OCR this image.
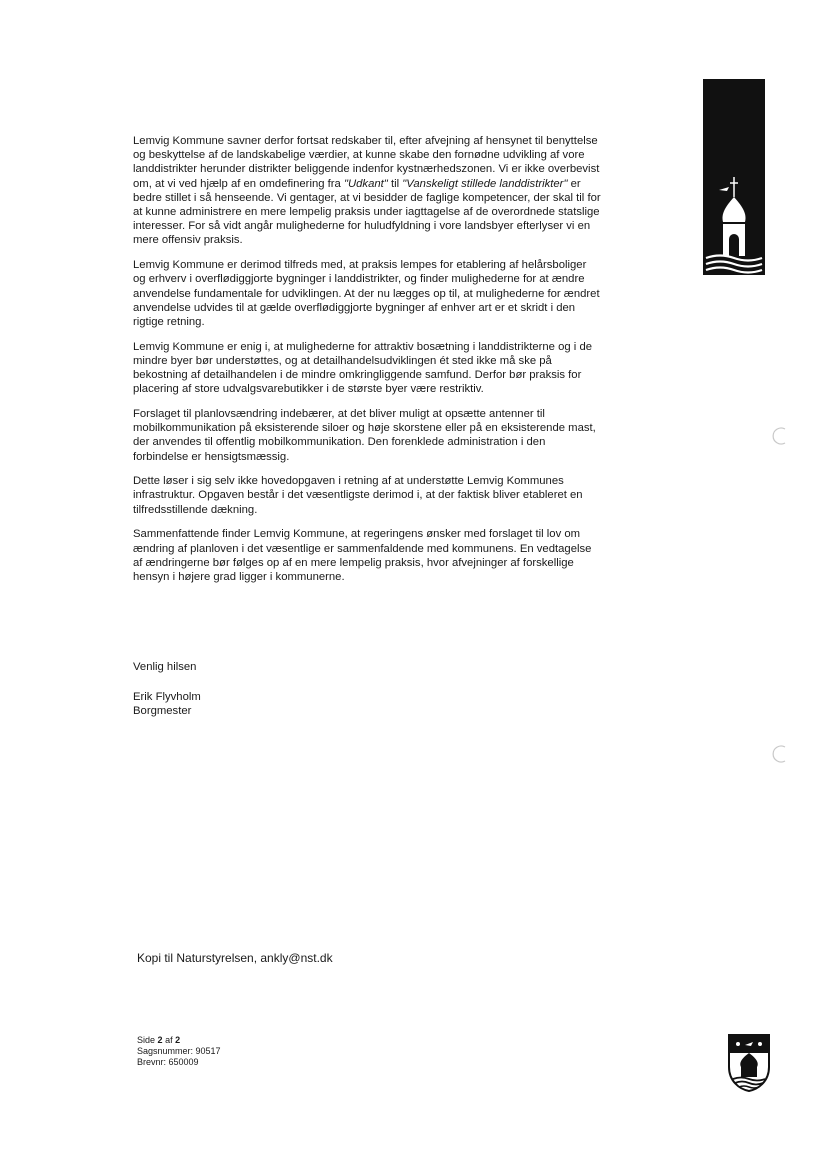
Lemvig Kommune savner derfor fortsat redskaber til, efter afvejning af hensynet til benyttelse og beskyttelse af de landskabelige værdier, at kunne skabe den fornødne udvikling af vore landdistrikter herunder distrikter beliggende indenfor kystnærhedszonen. Vi er ikke overbevist om, at vi ved hjælp af en omdefinering fra "Udkant" til "Vanskeligt stillede landdistrikter" er bedre stillet i så henseende. Vi gentager, at vi besidder de faglige kompetencer, der skal til for at kunne administrere en mere lempelig praksis under iagttagelse af de overordnede statslige interesser. For så vidt angår mulighederne for huludfyldning i vore landsbyer efterlyser vi en mere offensiv praksis.

Lemvig Kommune er derimod tilfreds med, at praksis lempes for etablering af helårsboliger og erhverv i overflødiggjorte bygninger i landdistrikter, og finder mulighederne for at ændre anvendelse fundamentale for udviklingen. At der nu lægges op til, at mulighederne for ændret anvendelse udvides til at gælde overflødiggjorte bygninger af enhver art er et skridt i den rigtige retning.

Lemvig Kommune er enig i, at mulighederne for attraktiv bosætning i landdistrikterne og i de mindre byer bør understøttes, og at detailhandelsudviklingen ét sted ikke må ske på bekostning af detailhandelen i de mindre omkringliggende samfund. Derfor bør praksis for placering af store udvalgsvarebutikker i de største byer være restriktiv.

Forslaget til planlovsændring indebærer, at det bliver muligt at opsætte antenner til mobilkommunikation på eksisterende siloer og høje skorstene eller på en eksisterende mast, der anvendes til offentlig mobilkommunikation. Den forenklede administration i den forbindelse er hensigtsmæssig.

Dette løser i sig selv ikke hovedopgaven i retning af at understøtte Lemvig Kommunes infrastruktur. Opgaven består i det væsentligste derimod i, at der faktisk bliver etableret en tilfredsstillende dækning.

Sammenfattende finder Lemvig Kommune, at regeringens ønsker med forslaget til lov om ændring af planloven i det væsentlige er sammenfaldende med kommunens. En vedtagelse af ændringerne bør følges op af en mere lempelig praksis, hvor afvejninger af forskellige hensyn i højere grad ligger i kommunerne.

Venlig hilsen

Erik Flyvholm
Borgmester
Kopi til Naturstyrelsen, ankly@nst.dk
Side 2 af 2
Sagsnummer: 90517
Brevnr: 650009
